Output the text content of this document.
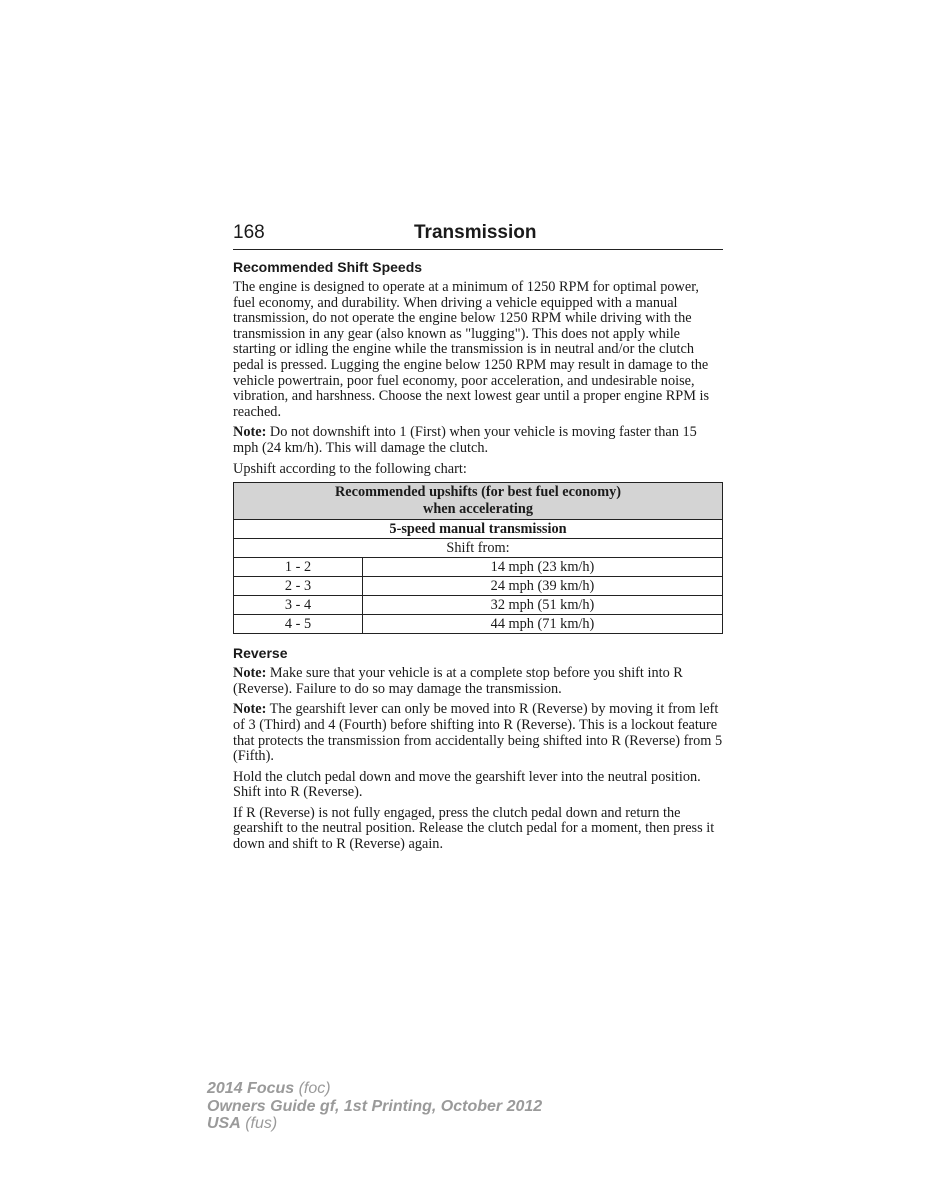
168	Transmission
Recommended Shift Speeds

The engine is designed to operate at a minimum of 1250 RPM for optimal power, fuel economy, and durability. When driving a vehicle equipped with a manual transmission, do not operate the engine below 1250 RPM while driving with the transmission in any gear (also known as "lugging"). This does not apply while starting or idling the engine while the transmission is in neutral and/or the clutch pedal is pressed. Lugging the engine below 1250 RPM may result in damage to the vehicle powertrain, poor fuel economy, poor acceleration, and undesirable noise, vibration, and harshness. Choose the next lowest gear until a proper engine RPM is reached.

Note: Do not downshift into 1 (First) when your vehicle is moving faster than 15 mph (24 km/h). This will damage the clutch.

Upshift according to the following chart:

Recommended upshifts (for best fuel economy)
when accelerating	
5-speed manual transmission	
Shift from:	
1 - 2	14 mph (23 km/h)
2 - 3	24 mph (39 km/h)
3 - 4	32 mph (51 km/h)
4 - 5	44 mph (71 km/h)
Reverse

Note: Make sure that your vehicle is at a complete stop before you shift into R (Reverse). Failure to do so may damage the transmission.

Note: The gearshift lever can only be moved into R (Reverse) by moving it from left of 3 (Third) and 4 (Fourth) before shifting into R (Reverse). This is a lockout feature that protects the transmission from accidentally being shifted into R (Reverse) from 5 (Fifth).

Hold the clutch pedal down and move the gearshift lever into the neutral position. Shift into R (Reverse).

If R (Reverse) is not fully engaged, press the clutch pedal down and return the gearshift to the neutral position. Release the clutch pedal for a moment, then press it down and shift to R (Reverse) again.

2014 Focus (foc)
Owners Guide gf, 1st Printing, October 2012
USA (fus)
